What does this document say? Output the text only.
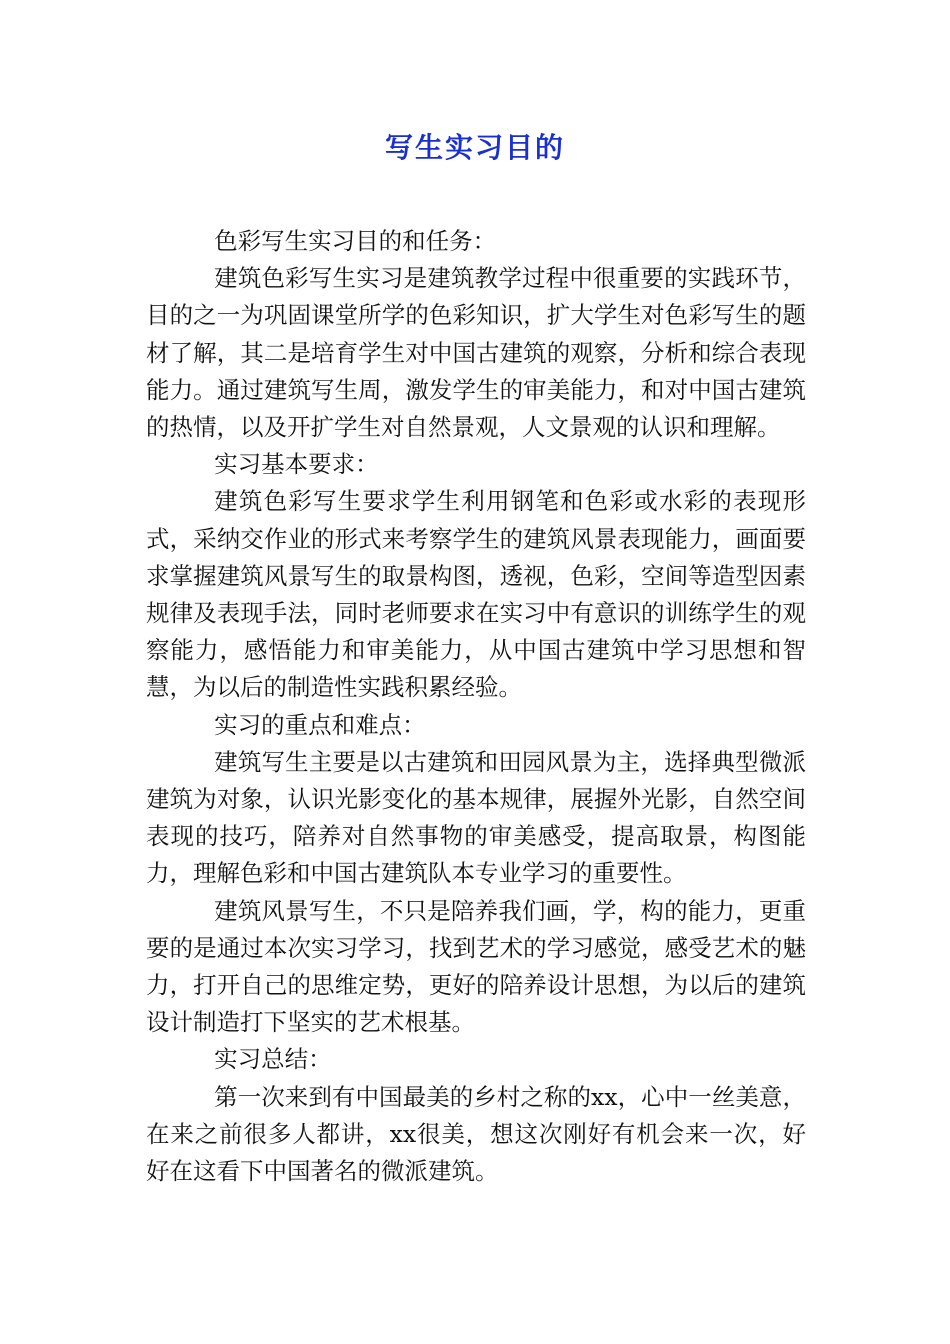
写生实习目的

色彩写生实习目的和任务：

建筑色彩写生实习是建筑教学过程中很重要的实践环节，目的之一为巩固课堂所学的色彩知识，扩大学生对色彩写生的题材了解，其二是培育学生对中国古建筑的观察，分析和综合表现能力。通过建筑写生周，激发学生的审美能力，和对中国古建筑的热情，以及开扩学生对自然景观，人文景观的认识和理解。

实习基本要求：

建筑色彩写生要求学生利用钢笔和色彩或水彩的表现形式，采纳交作业的形式来考察学生的建筑风景表现能力，画面要求掌握建筑风景写生的取景构图，透视，色彩，空间等造型因素规律及表现手法，同时老师要求在实习中有意识的训练学生的观察能力，感悟能力和审美能力，从中国古建筑中学习思想和智慧，为以后的制造性实践积累经验。

实习的重点和难点：

建筑写生主要是以古建筑和田园风景为主，选择典型微派建筑为对象，认识光影变化的基本规律，展握外光影，自然空间表现的技巧，陪养对自然事物的审美感受，提高取景，构图能力，理解色彩和中国古建筑队本专业学习的重要性。

建筑风景写生，不只是陪养我们画，学，构的能力，更重要的是通过本次实习学习，找到艺术的学习感觉，感受艺术的魅力，打开自己的思维定势，更好的陪养设计思想，为以后的建筑设计制造打下坚实的艺术根基。

实习总结：

第一次来到有中国最美的乡村之称的xx，心中一丝美意，在来之前很多人都讲，xx很美，想这次刚好有机会来一次，好好在这看下中国著名的微派建筑。
